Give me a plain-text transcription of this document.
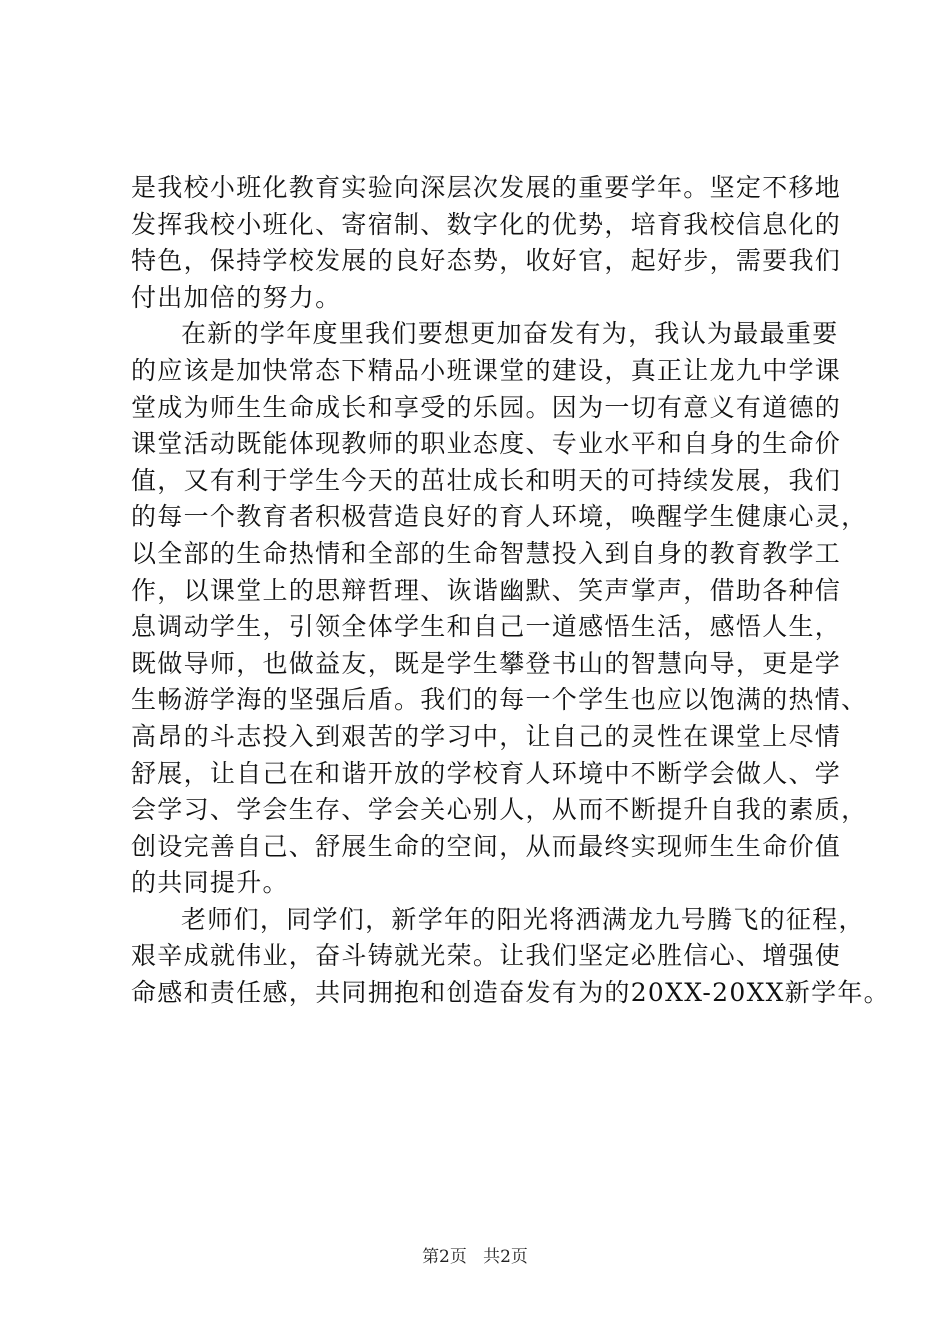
是我校小班化教育实验向深层次发展的重要学年。坚定不移地
发挥我校小班化、寄宿制、数字化的优势，培育我校信息化的
特色，保持学校发展的良好态势，收好官，起好步，需要我们
付出加倍的努力。
在新的学年度里我们要想更加奋发有为，我认为最最重要
的应该是加快常态下精品小班课堂的建设，真正让龙九中学课
堂成为师生生命成长和享受的乐园。因为一切有意义有道德的
课堂活动既能体现教师的职业态度、专业水平和自身的生命价
值，又有利于学生今天的茁壮成长和明天的可持续发展，我们
的每一个教育者积极营造良好的育人环境，唤醒学生健康心灵，
以全部的生命热情和全部的生命智慧投入到自身的教育教学工
作，以课堂上的思辩哲理、诙谐幽默、笑声掌声，借助各种信
息调动学生，引领全体学生和自己一道感悟生活，感悟人生，
既做导师，也做益友，既是学生攀登书山的智慧向导，更是学
生畅游学海的坚强后盾。我们的每一个学生也应以饱满的热情、
高昂的斗志投入到艰苦的学习中，让自己的灵性在课堂上尽情
舒展，让自己在和谐开放的学校育人环境中不断学会做人、学
会学习、学会生存、学会关心别人，从而不断提升自我的素质，
创设完善自己、舒展生命的空间，从而最终实现师生生命价值
的共同提升。
老师们，同学们，新学年的阳光将洒满龙九号腾飞的征程，
艰辛成就伟业，奋斗铸就光荣。让我们坚定必胜信心、增强使
命感和责任感，共同拥抱和创造奋发有为的20XX-20XX新学年。
第2页 共2页
